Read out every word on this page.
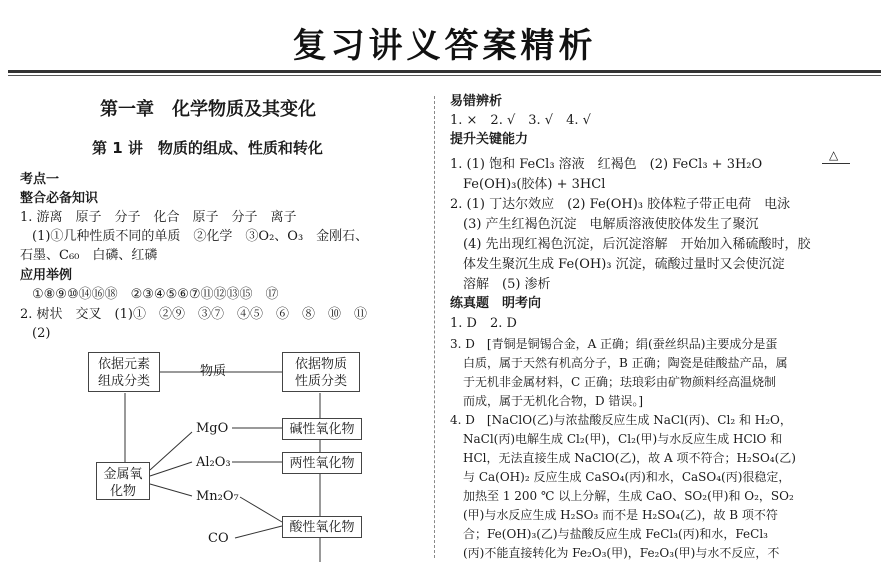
复习讲义答案精析
第一章　化学物质及其变化
第 1 讲　物质的组成、性质和转化
考点一
整合必备知识
1. 游离　原子　分子　化合　原子　分子　离子
(1)①几种性质不同的单质　②化学　③O₂、O₃　金刚石、
石墨、C₆₀　白磷、红磷
应用举例
①⑧⑨⑩⑭⑯⑱　②③④⑤⑥⑦⑪⑫⑬⑮　⑰
2. 树状　交叉　(1)①　②⑨　③⑦　④⑤　⑥　⑧　⑩　⑪
(2)
依据元素
组成分类
依据物质
性质分类
物质
金属氧
化物
碱性氧化物
两性氧化物
酸性氧化物
MgO
Al₂O₃
Mn₂O₇
CO
易错辨析
1. ×　2. √　3. √　4. √
提升关键能力
1. (1) 饱和 FeCl₃ 溶液　红褐色　(2) FeCl₃ + 3H₂O
△
Fe(OH)₃(胶体) + 3HCl
2. (1) 丁达尔效应　(2) Fe(OH)₃ 胶体粒子带正电荷　电泳
(3) 产生红褐色沉淀　电解质溶液使胶体发生了聚沉
(4) 先出现红褐色沉淀，后沉淀溶解　开始加入稀硫酸时，胶
体发生聚沉生成 Fe(OH)₃ 沉淀，硫酸过量时又会使沉淀
溶解　(5) 渗析
练真题　明考向
1. D　2. D
3. D　[青铜是铜锡合金，A 正确；绢(蚕丝织品)主要成分是蛋
白质，属于天然有机高分子，B 正确；陶瓷是硅酸盐产品，属
于无机非金属材料，C 正确；珐琅彩由矿物颜料经高温烧制
而成，属于无机化合物，D 错误。]
4. D　[NaClO(乙)与浓盐酸反应生成 NaCl(丙)、Cl₂ 和 H₂O，
NaCl(丙)电解生成 Cl₂(甲)，Cl₂(甲)与水反应生成 HClO 和
HCl，无法直接生成 NaClO(乙)，故 A 项不符合；H₂SO₄(乙)
与 Ca(OH)₂ 反应生成 CaSO₄(丙)和水，CaSO₄(丙)很稳定，
加热至 1 200 ℃ 以上分解，生成 CaO、SO₂(甲)和 O₂，SO₂
(甲)与水反应生成 H₂SO₃ 而不是 H₂SO₄(乙)，故 B 项不符
合；Fe(OH)₃(乙)与盐酸反应生成 FeCl₃(丙)和水，FeCl₃
(丙)不能直接转化为 Fe₂O₃(甲)，Fe₂O₃(甲)与水不反应，不
